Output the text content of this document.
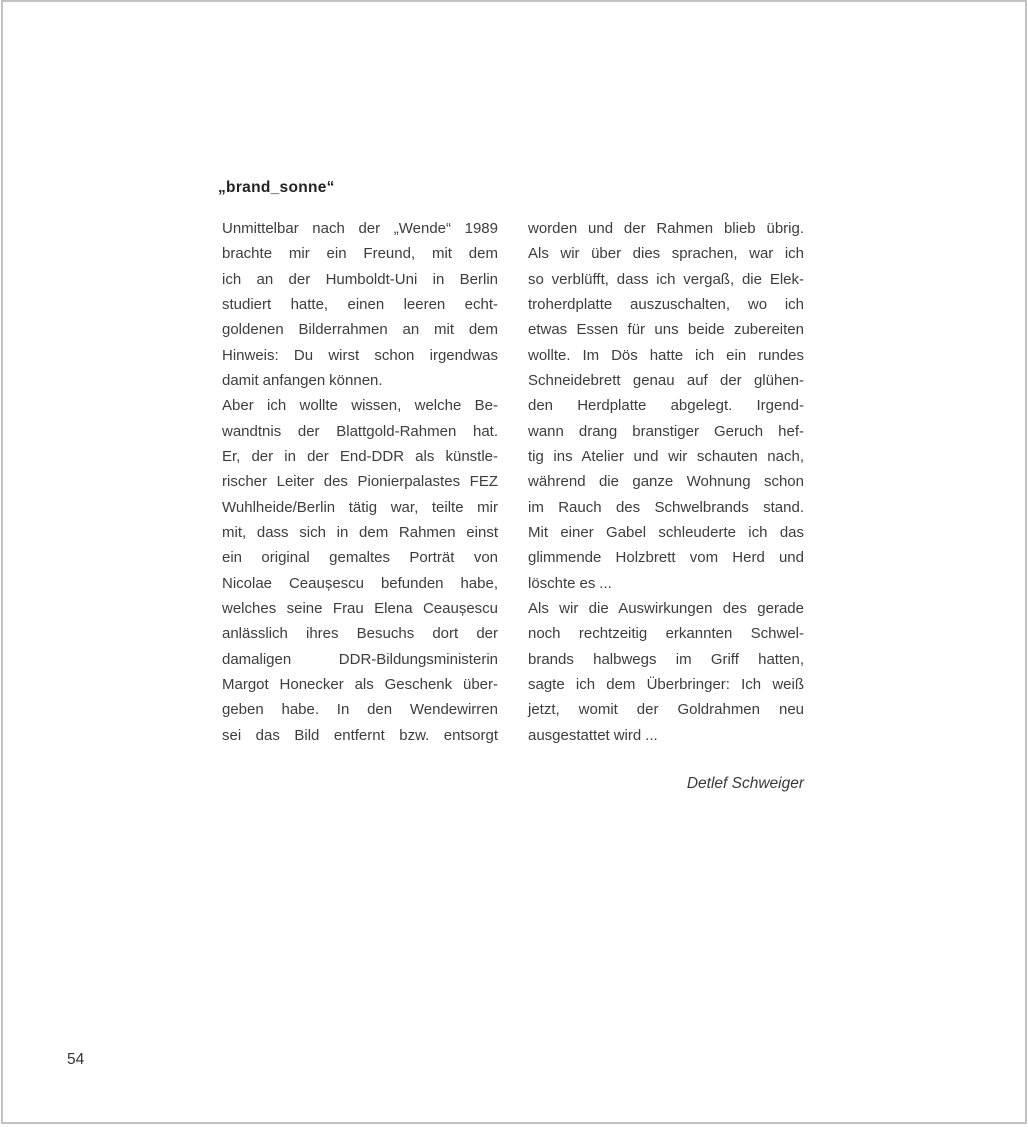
„brand_sonne“
Unmittelbar nach der „Wende“ 1989
brachte mir ein Freund, mit dem
ich an der Humboldt-Uni in Berlin
studiert hatte, einen leeren echt-
goldenen Bilderrahmen an mit dem
Hinweis: Du wirst schon irgendwas
damit anfangen können.
Aber ich wollte wissen, welche Be-
wandtnis der Blattgold-Rahmen hat.
Er, der in der End-DDR als künstle-
rischer Leiter des Pionierpalastes FEZ
Wuhlheide/Berlin tätig war, teilte mir
mit, dass sich in dem Rahmen einst
ein original gemaltes Porträt von
Nicolae Ceaușescu befunden habe,
welches seine Frau Elena Ceaușescu
anlässlich ihres Besuchs dort der
damaligen DDR-Bildungsministerin
Margot Honecker als Geschenk über-
geben habe. In den Wendewirren
sei das Bild entfernt bzw. entsorgt
worden und der Rahmen blieb übrig.
Als wir über dies sprachen, war ich
so verblüfft, dass ich vergaß, die Elek-
troherdplatte auszuschalten, wo ich
etwas Essen für uns beide zubereiten
wollte. Im Dös hatte ich ein rundes
Schneidebrett genau auf der glühen-
den Herdplatte abgelegt. Irgend-
wann drang branstiger Geruch hef-
tig ins Atelier und wir schauten nach,
während die ganze Wohnung schon
im Rauch des Schwelbrands stand.
Mit einer Gabel schleuderte ich das
glimmende Holzbrett vom Herd und
löschte es ...
Als wir die Auswirkungen des gerade
noch rechtzeitig erkannten Schwel-
brands halbwegs im Griff hatten,
sagte ich dem Überbringer: Ich weiß
jetzt, womit der Goldrahmen neu
ausgestattet wird ...
Detlef Schweiger
54
